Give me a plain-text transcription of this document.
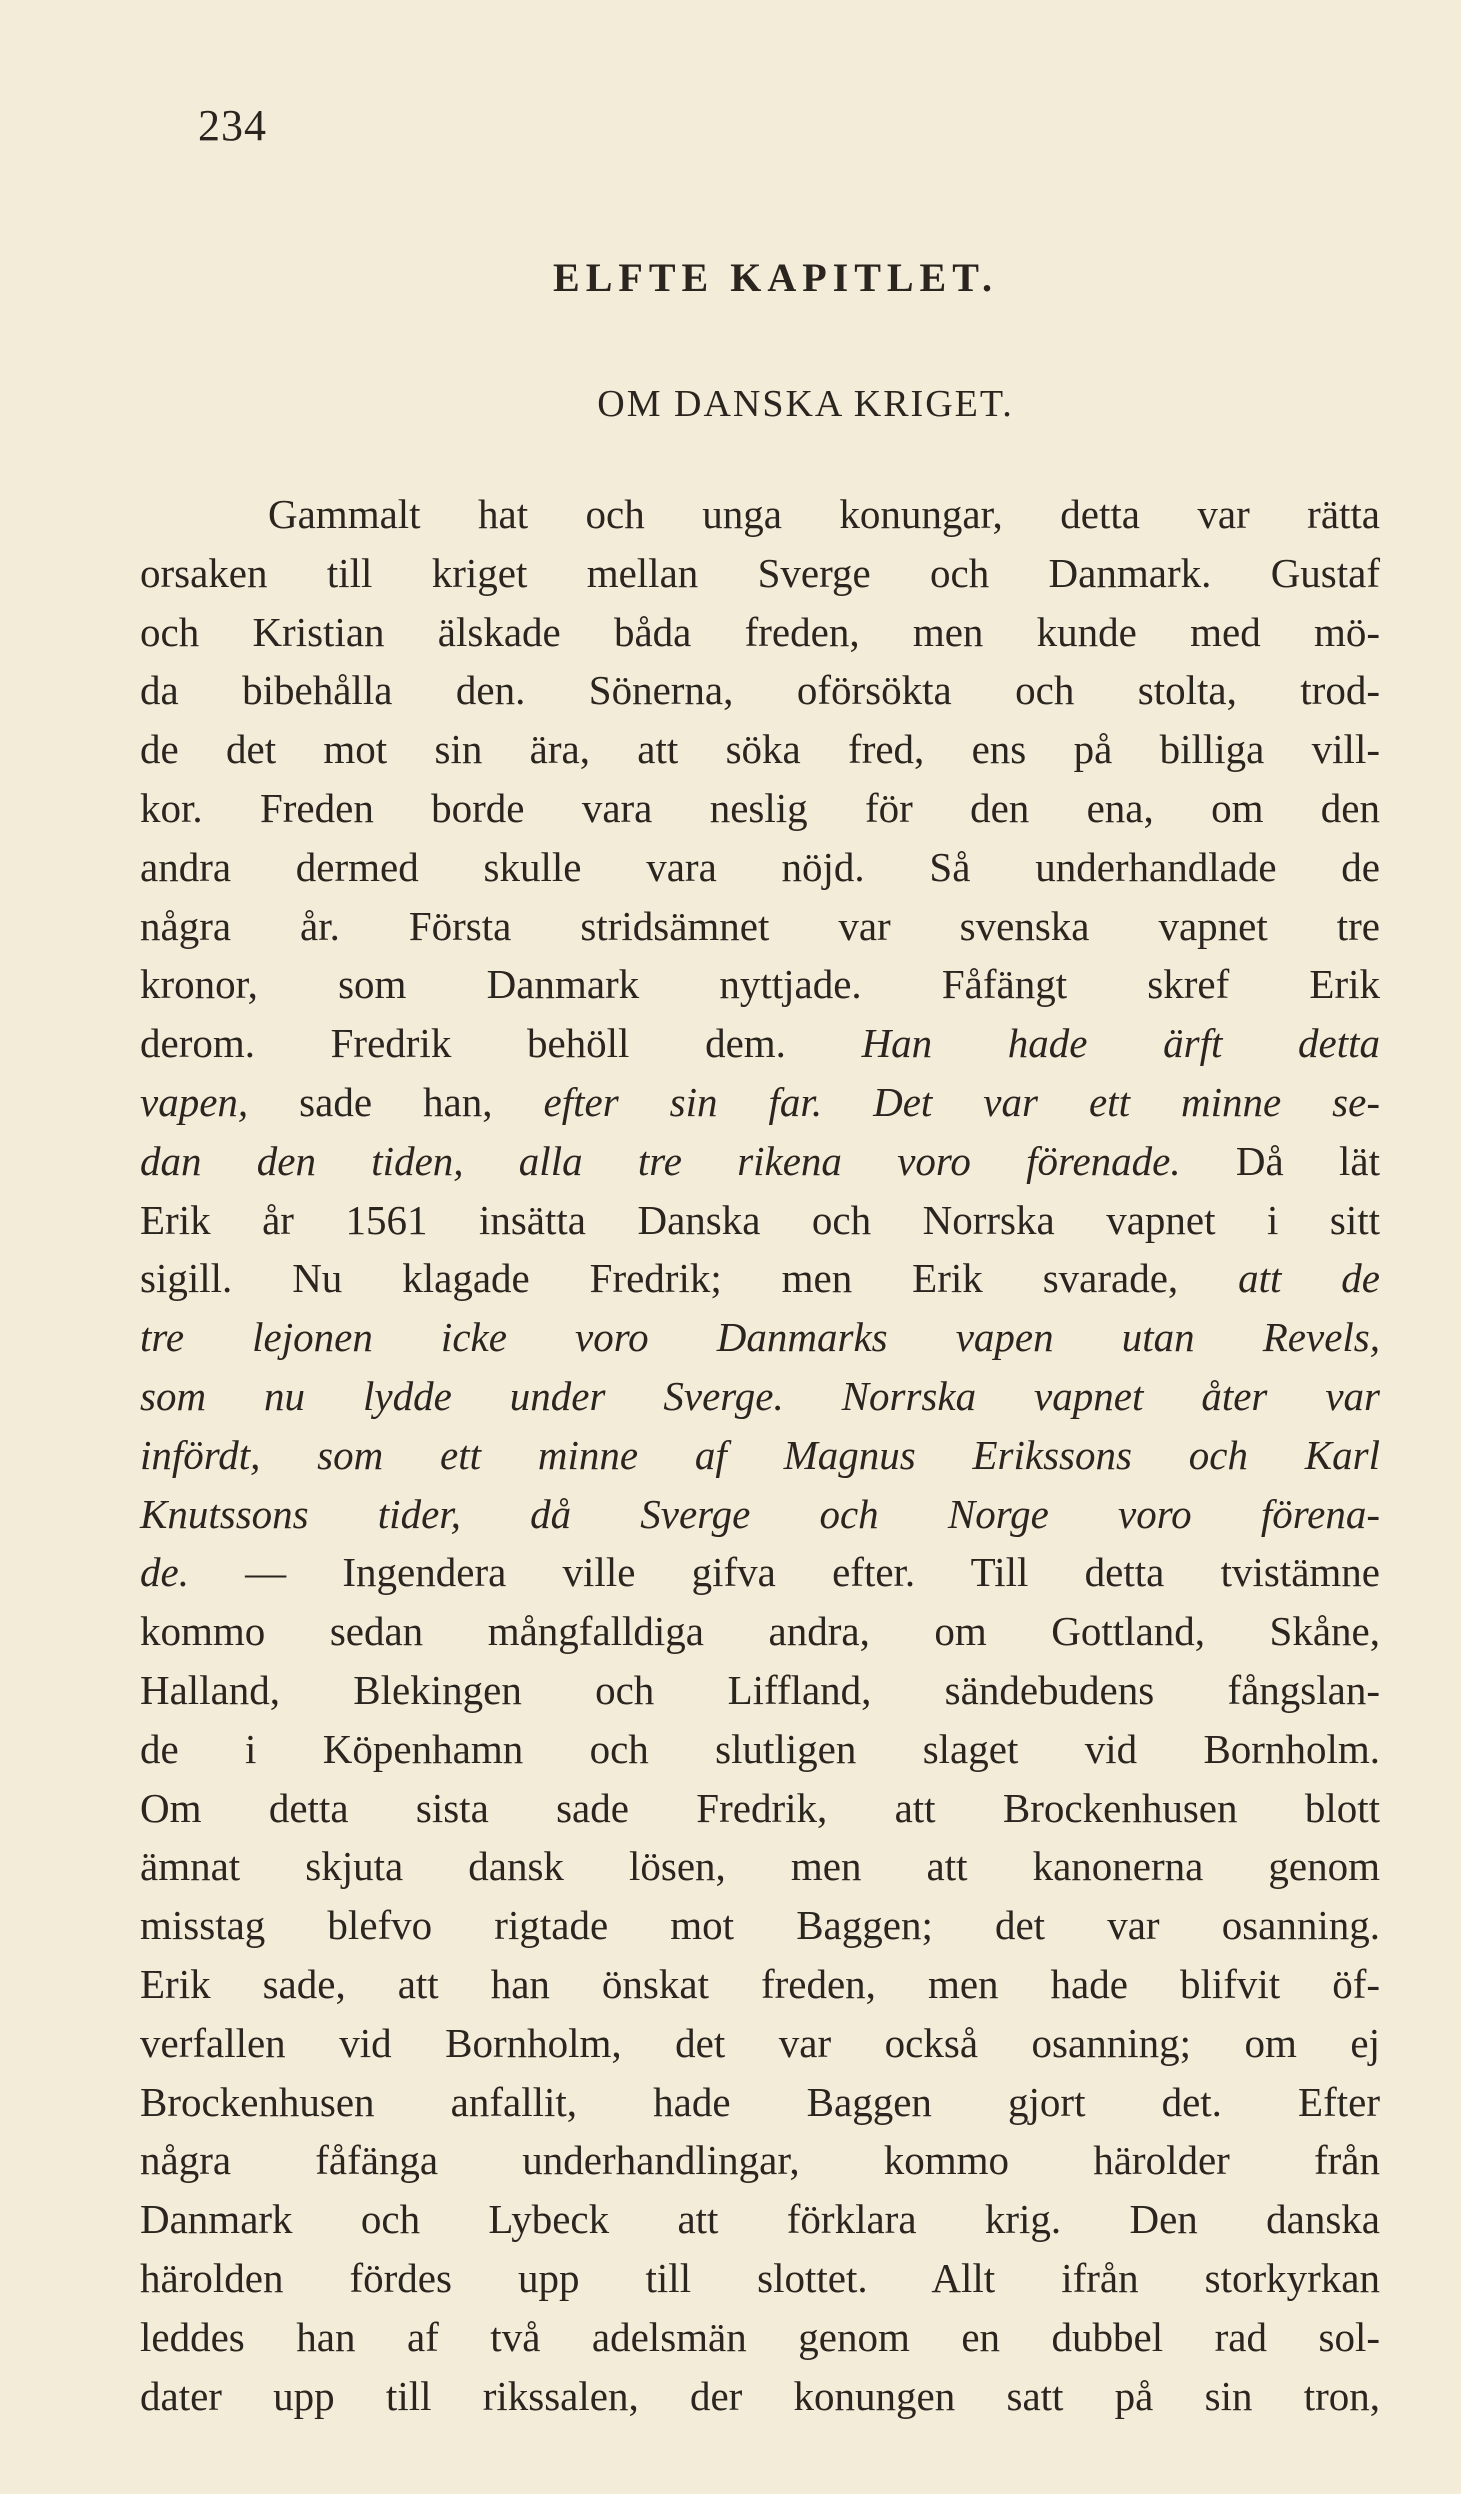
234
ELFTE KAPITLET.
OM DANSKA KRIGET.
Gammalt hat och unga konungar, detta var rätta
orsaken till kriget mellan Sverge och Danmark. Gustaf
och Kristian älskade båda freden, men kunde med mö-
da bibehålla den. Sönerna, oförsökta och stolta, trod-
de det mot sin ära, att söka fred, ens på billiga vill-
kor. Freden borde vara neslig för den ena, om den
andra dermed skulle vara nöjd. Så underhandlade de
några år. Första stridsämnet var svenska vapnet tre
kronor, som Danmark nyttjade. Fåfängt skref Erik
derom. Fredrik behöll dem. Han hade ärft detta
vapen, sade han, efter sin far. Det var ett minne se-
dan den tiden, alla tre rikena voro förenade. Då lät
Erik år 1561 insätta Danska och Norrska vapnet i sitt
sigill. Nu klagade Fredrik; men Erik svarade, att de
tre lejonen icke voro Danmarks vapen utan Revels,
som nu lydde under Sverge. Norrska vapnet åter var
infördt, som ett minne af Magnus Erikssons och Karl
Knutssons tider, då Sverge och Norge voro förena-
de. — Ingendera ville gifva efter. Till detta tvistämne
kommo sedan mångfalldiga andra, om Gottland, Skåne,
Halland, Blekingen och Liffland, sändebudens fångslan-
de i Köpenhamn och slutligen slaget vid Bornholm.
Om detta sista sade Fredrik, att Brockenhusen blott
ämnat skjuta dansk lösen, men att kanonerna genom
misstag blefvo rigtade mot Baggen; det var osanning.
Erik sade, att han önskat freden, men hade blifvit öf-
verfallen vid Bornholm, det var också osanning; om ej
Brockenhusen anfallit, hade Baggen gjort det. Efter
några fåfänga underhandlingar, kommo härolder från
Danmark och Lybeck att förklara krig. Den danska
härolden fördes upp till slottet. Allt ifrån storkyrkan
leddes han af två adelsmän genom en dubbel rad sol-
dater upp till rikssalen, der konungen satt på sin tron,
